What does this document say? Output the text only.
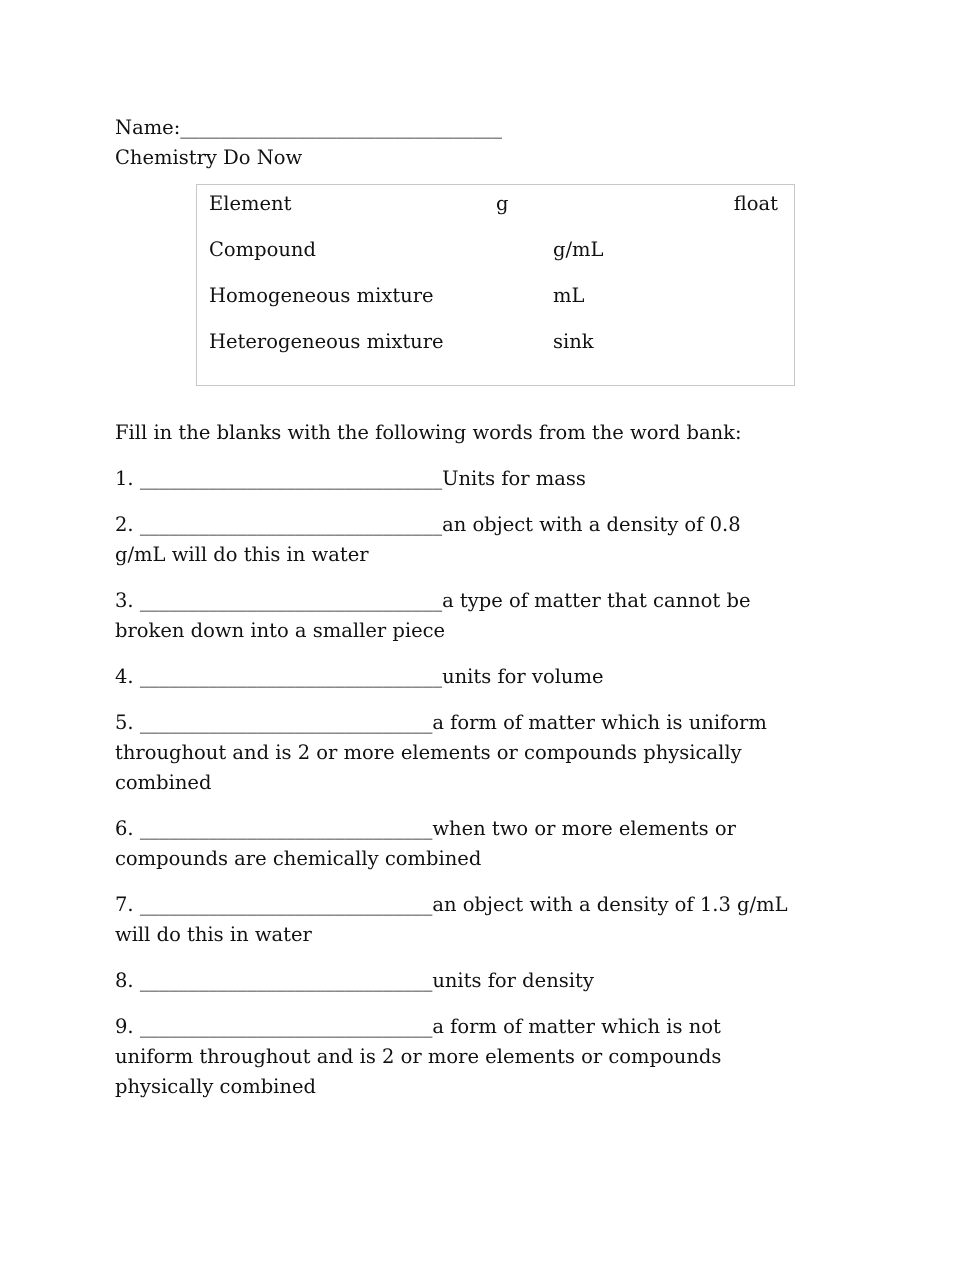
Name:_________________________________
Chemistry Do Now
Element
Compound
Homogeneous mixture
Heterogeneous mixture
g
g/mL
mL
sink
float
Fill in the blanks with the following words from the word bank:
1. _______________________________Units for mass
2. _______________________________an object with a density of 0.8
g/mL will do this in water
3. _______________________________a type of matter that cannot be
broken down into a smaller piece
4. _______________________________units for volume
5. ______________________________a form of matter which is uniform
throughout and is 2 or more elements or compounds physically
combined
6. ______________________________when two or more elements or
compounds are chemically combined
7. ______________________________an object with a density of 1.3 g/mL
will do this in water
8. ______________________________units for density
9. ______________________________a form of matter which is not
uniform throughout and is 2 or more elements or compounds
physically combined
